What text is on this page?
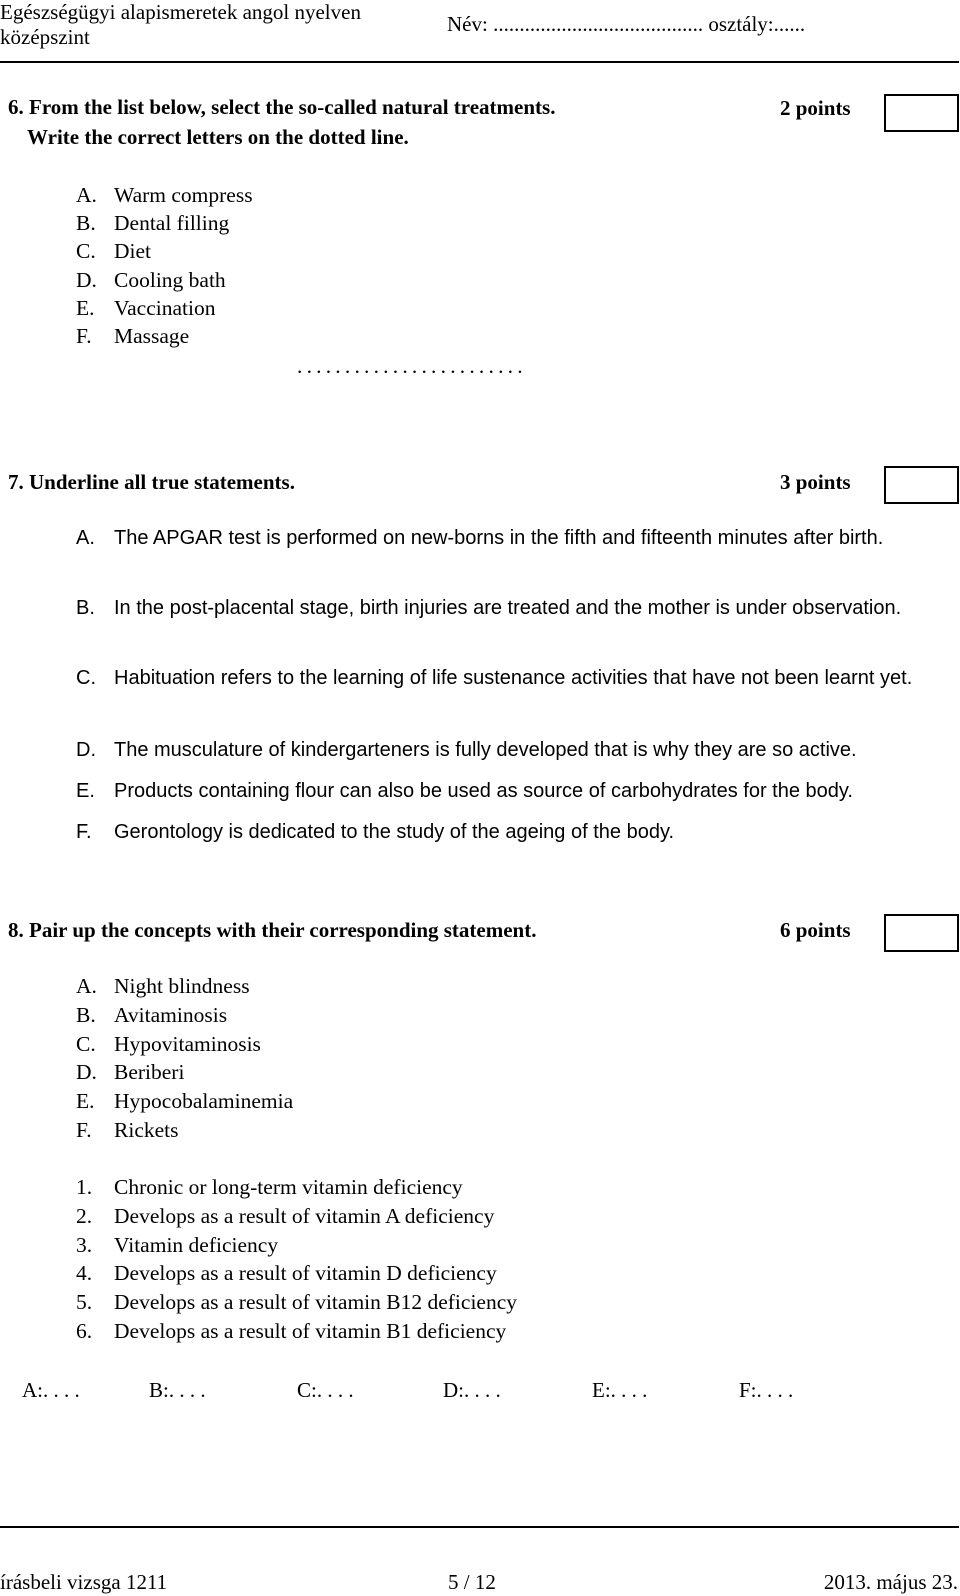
Egészségügyi alapismeretek angol nyelven
középszint
Név: ........................................ osztály:......
6. From the list below, select the so-called natural treatments.
Write the correct letters on the dotted line.
2 points
A. Warm compress
B. Dental filling
C. Diet
D. Cooling bath
E. Vaccination
F. Massage
........................
7. Underline all true statements.	3 points
A. The APGAR test is performed on new-borns in the fifth and fifteenth minutes after birth.
B. In the post-placental stage, birth injuries are treated and the mother is under observation.
C. Habituation refers to the learning of life sustenance activities that have not been learnt yet.
D. The musculature of kindergarteners is fully developed that is why they are so active.
E. Products containing flour can also be used as source of carbohydrates for the body.
F. Gerontology is dedicated to the study of the ageing of the body.
8. Pair up the concepts with their corresponding statement.	6 points
A. Night blindness
B. Avitaminosis
C. Hypovitaminosis
D. Beriberi
E. Hypocobalaminemia
F. Rickets
1. Chronic or long-term vitamin deficiency
2. Develops as a result of vitamin A deficiency
3. Vitamin deficiency
4. Develops as a result of vitamin D deficiency
5. Develops as a result of vitamin B12 deficiency
6. Develops as a result of vitamin B1 deficiency
A:. . . .	B:. . . .	C:. . . .	D:. . . .	E:. . . .	F:. . . .
írásbeli vizsga 1211	5 / 12	2013. május 23.
